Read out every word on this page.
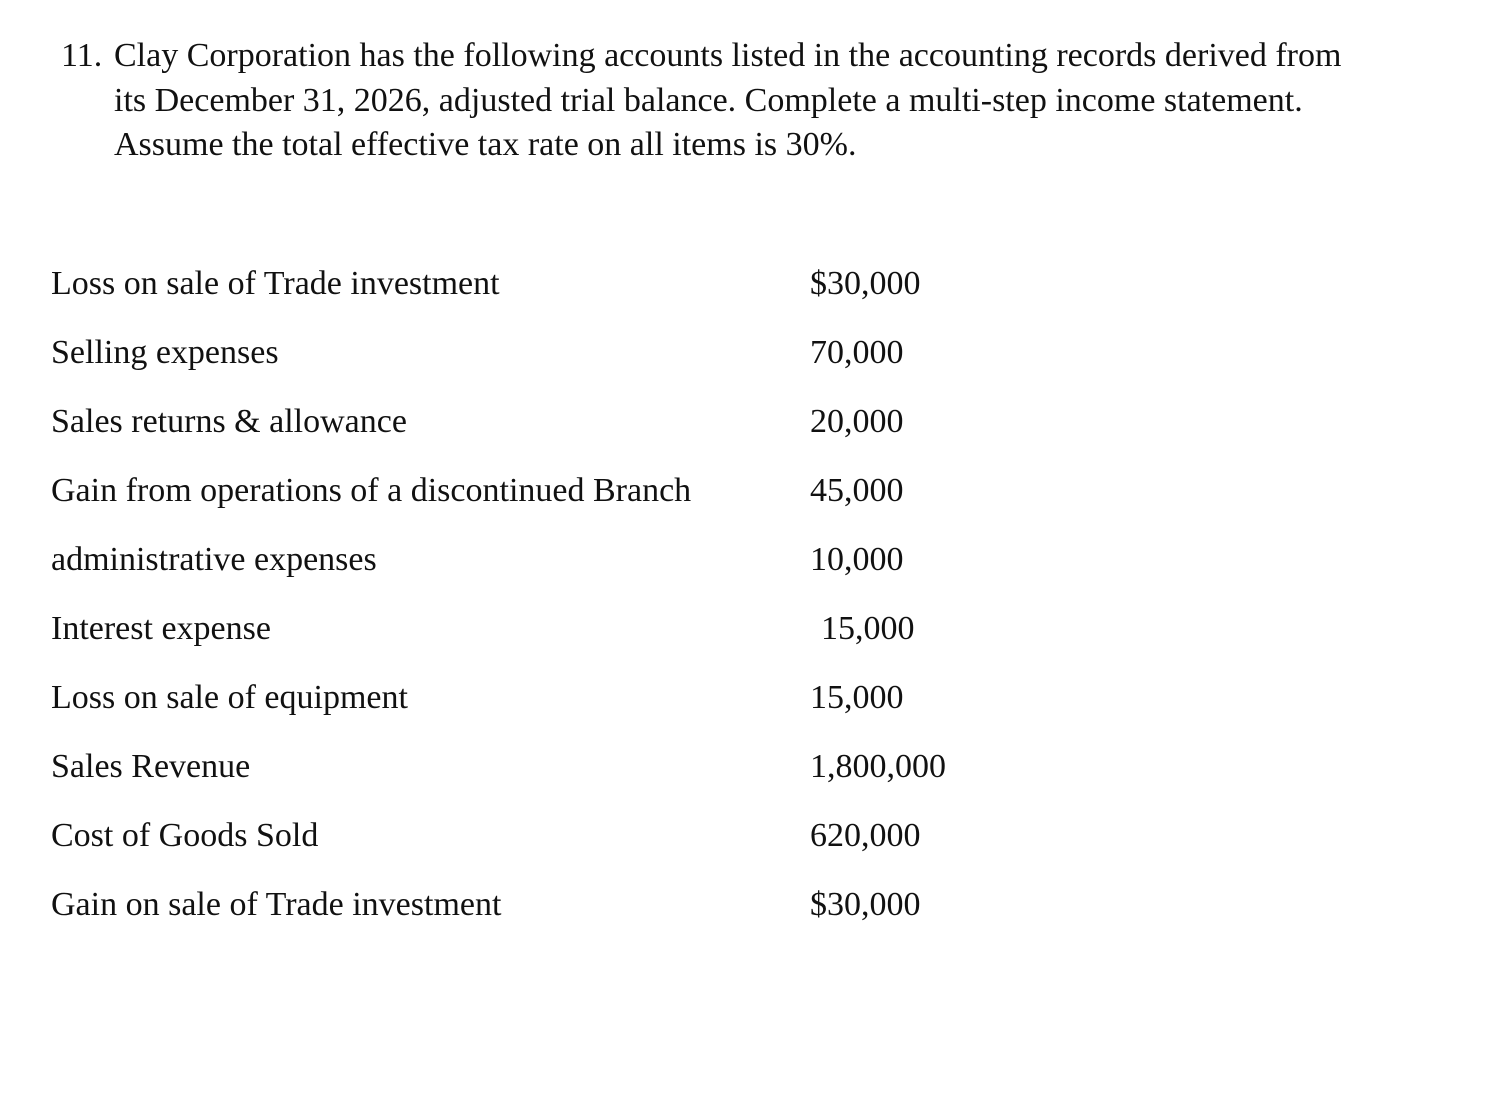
11. Clay Corporation has the following accounts listed in the accounting records derived from
its December 31, 2026, adjusted trial balance. Complete a multi-step income statement.
Assume the total effective tax rate on all items is 30%.
Loss on sale of Trade investment	$30,000
Selling expenses	70,000
Sales returns & allowance	20,000
Gain from operations of a discontinued Branch	45,000
administrative expenses	10,000
Interest expense	15,000
Loss on sale of equipment	15,000
Sales Revenue	1,800,000
Cost of Goods Sold	620,000
Gain on sale of Trade investment	$30,000
